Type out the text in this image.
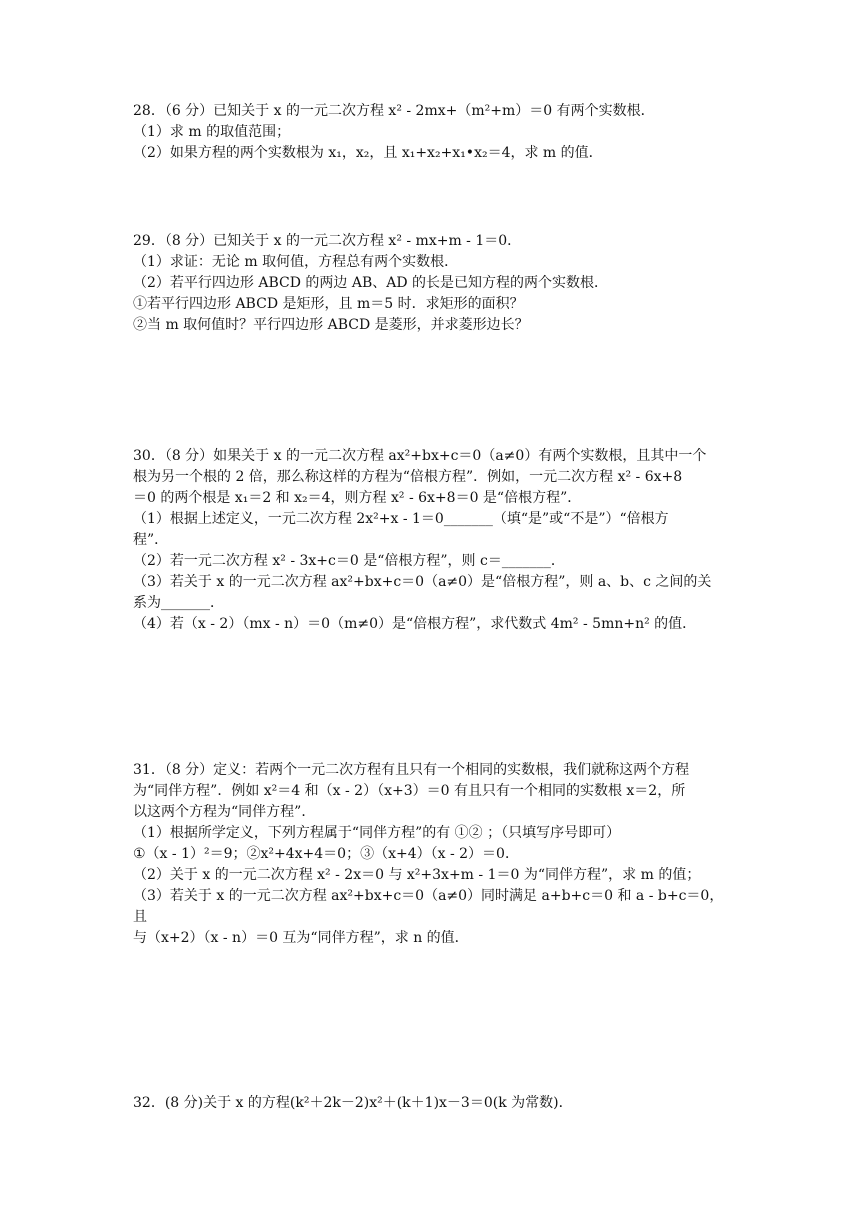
28．（6 分）已知关于 x 的一元二次方程 x² - 2mx+（m²+m）＝0 有两个实数根．
（1）求 m 的取值范围；
（2）如果方程的两个实数根为 x₁，x₂，且 x₁+x₂+x₁•x₂＝4，求 m 的值．
29．（8 分）已知关于 x 的一元二次方程 x² - mx+m - 1＝0．
（1）求证：无论 m 取何值，方程总有两个实数根．
（2）若平行四边形 ABCD 的两边 AB、AD 的长是已知方程的两个实数根．
①若平行四边形 ABCD 是矩形，且 m＝5 时．求矩形的面积？
②当 m 取何值时？平行四边形 ABCD 是菱形，并求菱形边长？
30．（8 分）如果关于 x 的一元二次方程 ax²+bx+c＝0（a≠0）有两个实数根，且其中一个
根为另一个根的 2 倍，那么称这样的方程为“倍根方程”．例如，一元二次方程 x² - 6x+8
＝0 的两个根是 x₁＝2 和 x₂＝4，则方程 x² - 6x+8＝0 是“倍根方程”．
（1）根据上述定义，一元二次方程 2x²+x - 1＝0_______（填“是”或“不是”）“倍根方
程”．
（2）若一元二次方程 x² - 3x+c＝0 是“倍根方程”，则 c＝_______．
（3）若关于 x 的一元二次方程 ax²+bx+c＝0（a≠0）是“倍根方程”，则 a、b、c 之间的关
系为_______．
（4）若（x - 2）（mx - n）＝0（m≠0）是“倍根方程”，求代数式 4m² - 5mn+n² 的值．
31．（8 分）定义：若两个一元二次方程有且只有一个相同的实数根，我们就称这两个方程
为“同伴方程”．例如 x²＝4 和（x - 2）（x+3）＝0 有且只有一个相同的实数根 x＝2，所
以这两个方程为“同伴方程”．
（1）根据所学定义，下列方程属于“同伴方程”的有 ①② ；（只填写序号即可）
①（x - 1）²＝9；②x²+4x+4＝0；③（x+4）（x - 2）＝0．
（2）关于 x 的一元二次方程 x² - 2x＝0 与 x²+3x+m - 1＝0 为“同伴方程”，求 m 的值；
（3）若关于 x 的一元二次方程 ax²+bx+c＝0（a≠0）同时满足 a+b+c＝0 和 a - b+c＝0，且
与（x+2）（x - n）＝0 互为“同伴方程”，求 n 的值．
32．(8 分)关于 x 的方程(k²＋2k－2)x²＋(k＋1)x－3＝0(k 为常数)．
